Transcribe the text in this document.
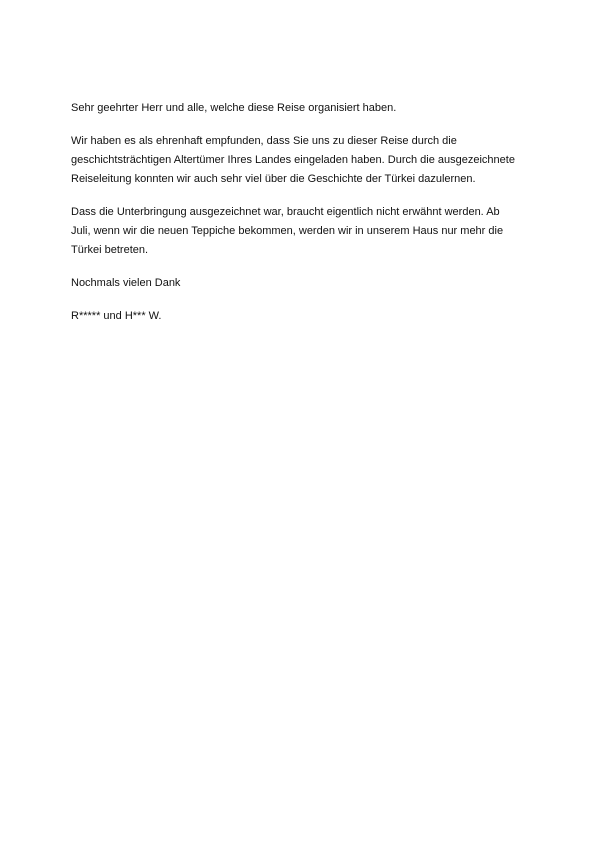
Sehr geehrter Herr und alle, welche diese Reise organisiert haben.

Wir haben es als ehrenhaft empfunden, dass Sie uns zu dieser Reise durch die
geschichtsträchtigen Altertümer Ihres Landes eingeladen haben. Durch die ausgezeichnete
Reiseleitung konnten wir auch sehr viel über die Geschichte der Türkei dazulernen.

Dass die Unterbringung ausgezeichnet war, braucht eigentlich nicht erwähnt werden. Ab
Juli, wenn wir die neuen Teppiche bekommen, werden wir in unserem Haus nur mehr die
Türkei betreten.

Nochmals vielen Dank

R***** und H*** W.
